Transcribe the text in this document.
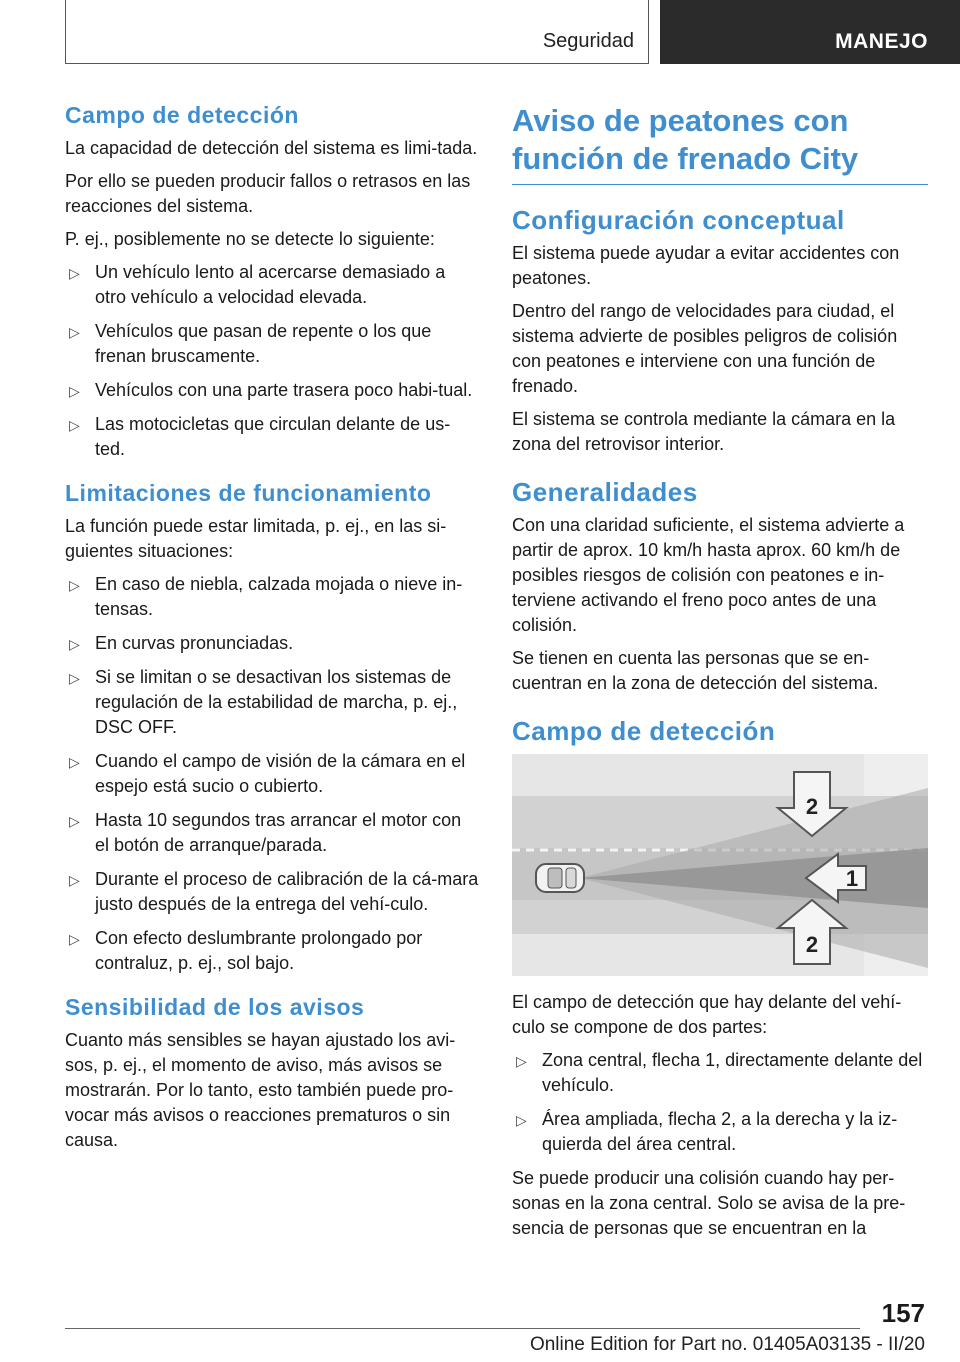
Seguridad	MANEJO
Campo de detección

La capacidad de detección del sistema es limi-tada.

Por ello se pueden producir fallos o retrasos en las reacciones del sistema.

P. ej., posiblemente no se detecte lo siguiente:

▷ Un vehículo lento al acercarse demasiado a otro vehículo a velocidad elevada.
▷ Vehículos que pasan de repente o los que frenan bruscamente.
▷ Vehículos con una parte trasera poco habi-tual.
▷ Las motocicletas que circulan delante de us-ted.
Limitaciones de funcionamiento

La función puede estar limitada, p. ej., en las si-guientes situaciones:

▷ En caso de niebla, calzada mojada o nieve in-tensas.
▷ En curvas pronunciadas.
▷ Si se limitan o se desactivan los sistemas de regulación de la estabilidad de marcha, p. ej., DSC OFF.
▷ Cuando el campo de visión de la cámara en el espejo está sucio o cubierto.
▷ Hasta 10 segundos tras arrancar el motor con el botón de arranque/parada.
▷ Durante el proceso de calibración de la cá-mara justo después de la entrega del vehí-culo.
▷ Con efecto deslumbrante prolongado por contraluz, p. ej., sol bajo.
Sensibilidad de los avisos

Cuanto más sensibles se hayan ajustado los avi-sos, p. ej., el momento de aviso, más avisos se mostrarán. Por lo tanto, esto también puede pro-vocar más avisos o reacciones prematuros o sin causa.

Aviso de peatones con función de frenado City
Configuración conceptual

El sistema puede ayudar a evitar accidentes con peatones.

Dentro del rango de velocidades para ciudad, el sistema advierte de posibles peligros de colisión con peatones e interviene con una función de frenado.

El sistema se controla mediante la cámara en la zona del retrovisor interior.

Generalidades

Con una claridad suficiente, el sistema advierte a partir de aprox. 10 km/h hasta aprox. 60 km/h de posibles riesgos de colisión con peatones e in-terviene activando el freno poco antes de una colisión.

Se tienen en cuenta las personas que se en-cuentran en la zona de detección del sistema.

Campo de detección
2
1
2

El campo de detección que hay delante del vehí-culo se compone de dos partes:

▷ Zona central, flecha 1, directamente delante del vehículo.
▷ Área ampliada, flecha 2, a la derecha y la iz-quierda del área central.

Se puede producir una colisión cuando hay per-sonas en la zona central. Solo se avisa de la pre-sencia de personas que se encuentran en la

157
Online Edition for Part no. 01405A03135 - II/20
